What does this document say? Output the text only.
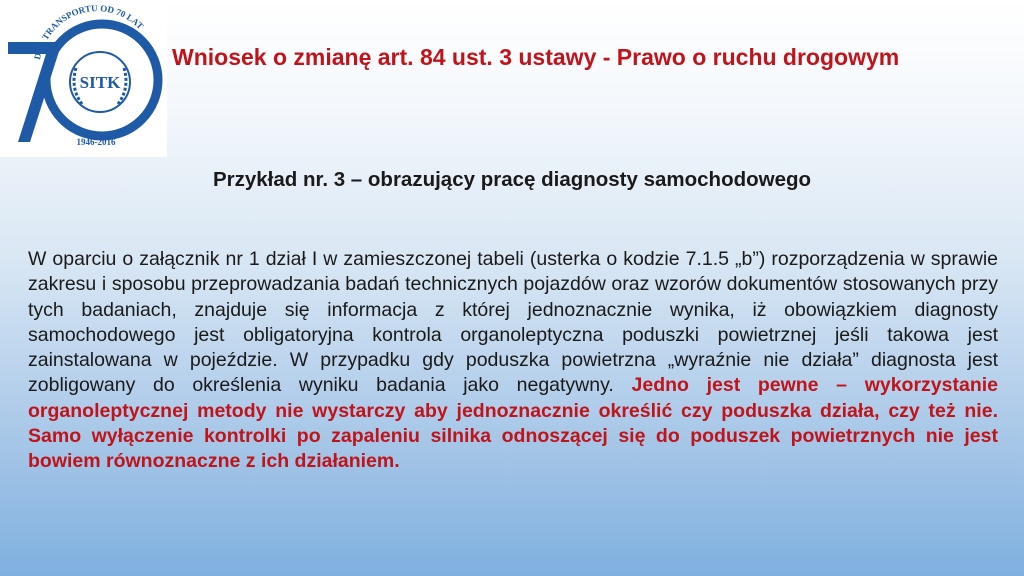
SITK
DLA TRANSPORTU OD 70 LAT
1946-2016
Wniosek o zmianę art. 84 ust. 3 ustawy - Prawo o ruchu drogowym
Przykład nr. 3 – obrazujący pracę diagnosty samochodowego
W oparciu o załącznik nr 1 dział I w zamieszczonej tabeli (usterka o kodzie 7.1.5 „b”) rozporządzenia w sprawie zakresu i sposobu przeprowadzania badań technicznych pojazdów oraz wzorów dokumentów stosowanych przy tych badaniach, znajduje się informacja z której jednoznacznie wynika, iż obowiązkiem diagnosty samochodowego jest obligatoryjna kontrola organoleptyczna poduszki powietrznej jeśli takowa jest zainstalowana w pojeździe. W przypadku gdy poduszka powietrzna „wyraźnie nie działa” diagnosta jest zobligowany do określenia wyniku badania jako negatywny. Jedno jest pewne – wykorzystanie organoleptycznej metody nie wystarczy aby jednoznacznie określić czy poduszka działa, czy też nie. Samo wyłączenie kontrolki po zapaleniu silnika odnoszącej się do poduszek powietrznych nie jest bowiem równoznaczne z ich działaniem.
